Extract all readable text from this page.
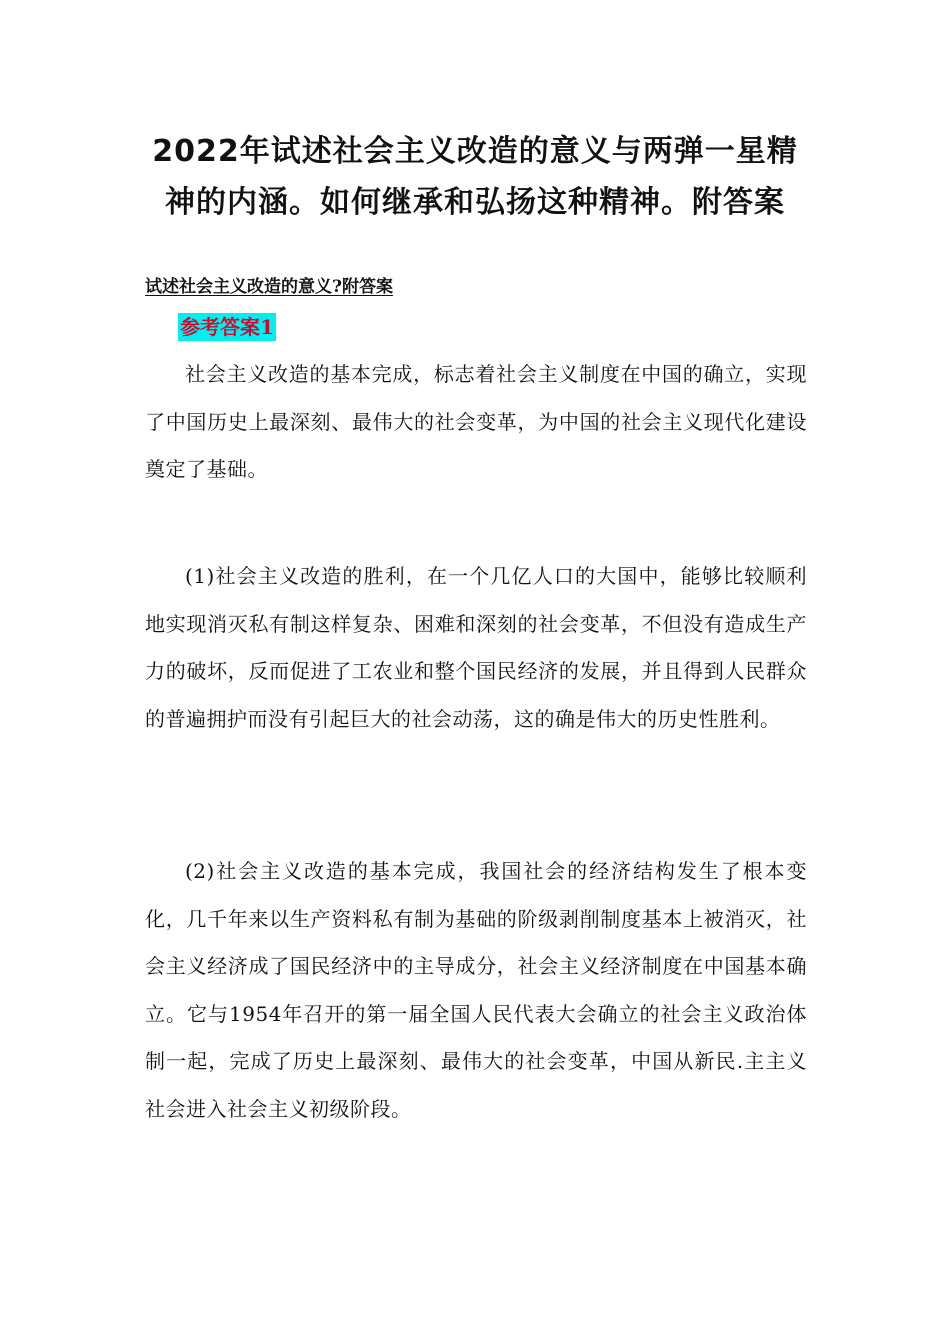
2022年试述社会主义改造的意义与两弹一星精神的内涵。如何继承和弘扬这种精神。附答案
试述社会主义改造的意义?附答案
参考答案1

社会主义改造的基本完成，标志着社会主义制度在中国的确立，实现了中国历史上最深刻、最伟大的社会变革，为中国的社会主义现代化建设奠定了基础。

(1)社会主义改造的胜利，在一个几亿人口的大国中，能够比较顺利地实现消灭私有制这样复杂、困难和深刻的社会变革，不但没有造成生产力的破坏，反而促进了工农业和整个国民经济的发展，并且得到人民群众的普遍拥护而没有引起巨大的社会动荡，这的确是伟大的历史性胜利。

(2)社会主义改造的基本完成，我国社会的经济结构发生了根本变化，几千年来以生产资料私有制为基础的阶级剥削制度基本上被消灭，社会主义经济成了国民经济中的主导成分，社会主义经济制度在中国基本确立。它与1954年召开的第一届全国人民代表大会确立的社会主义政治体制一起，完成了历史上最深刻、最伟大的社会变革，中国从新民.主主义社会进入社会主义初级阶段。
